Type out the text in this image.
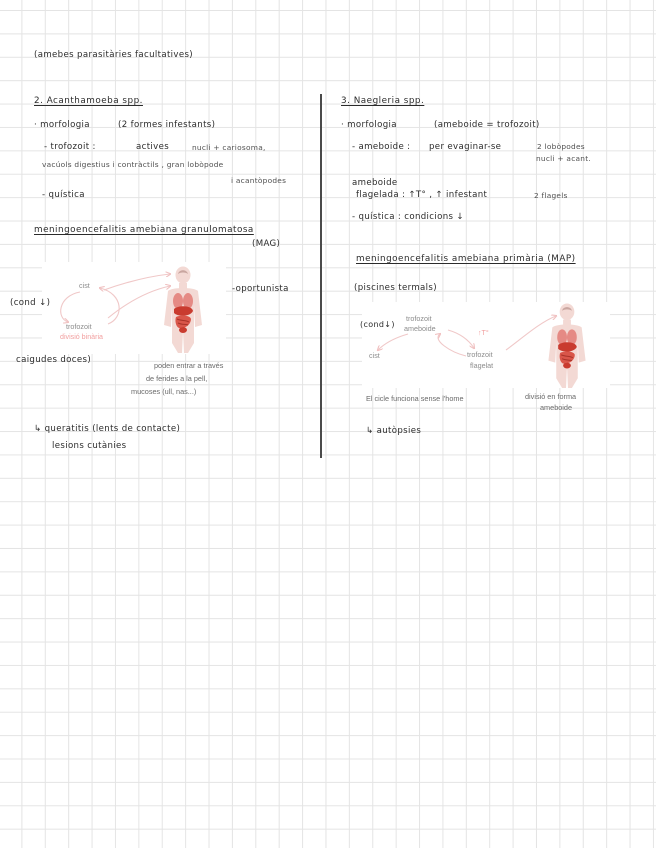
(amebes parasitàries facultatives)
2. Acanthamoeba spp.
· morfologia	(2 formes infestants)
- trofozoit :	actives	nucli + cariosoma,
vacúols digestius i contràctils , gran lobòpode
i acantòpodes
- quística
meningoencefalitis amebiana granulomatosa
(MAG)
cist
trofozoit
divisió binària
-oportunista
(cond ↓)
caigudes doces)
poden entrar a través
de ferides a la pell,
mucoses (ull, nas...)
↳ queratitis (lents de contacte)
lesions cutànies
3. Naegleria spp.
· morfologia	(ameboide = trofozoit)
- ameboide : per evaginar-se	2 lobòpodes
nucli + acant.
ameboide
flagelada : ↑T° , ↑ infestant	2 flagels
- quística : condicions ↓
meningoencefalitis amebiana primària (MAP)
(piscines termals)
(cond↓)
trofozoit
ameboide	↑T°
cist	trofozoit
flagelat
El cicle funciona sense l'home	divisió en forma
ameboide
↳ autòpsies
